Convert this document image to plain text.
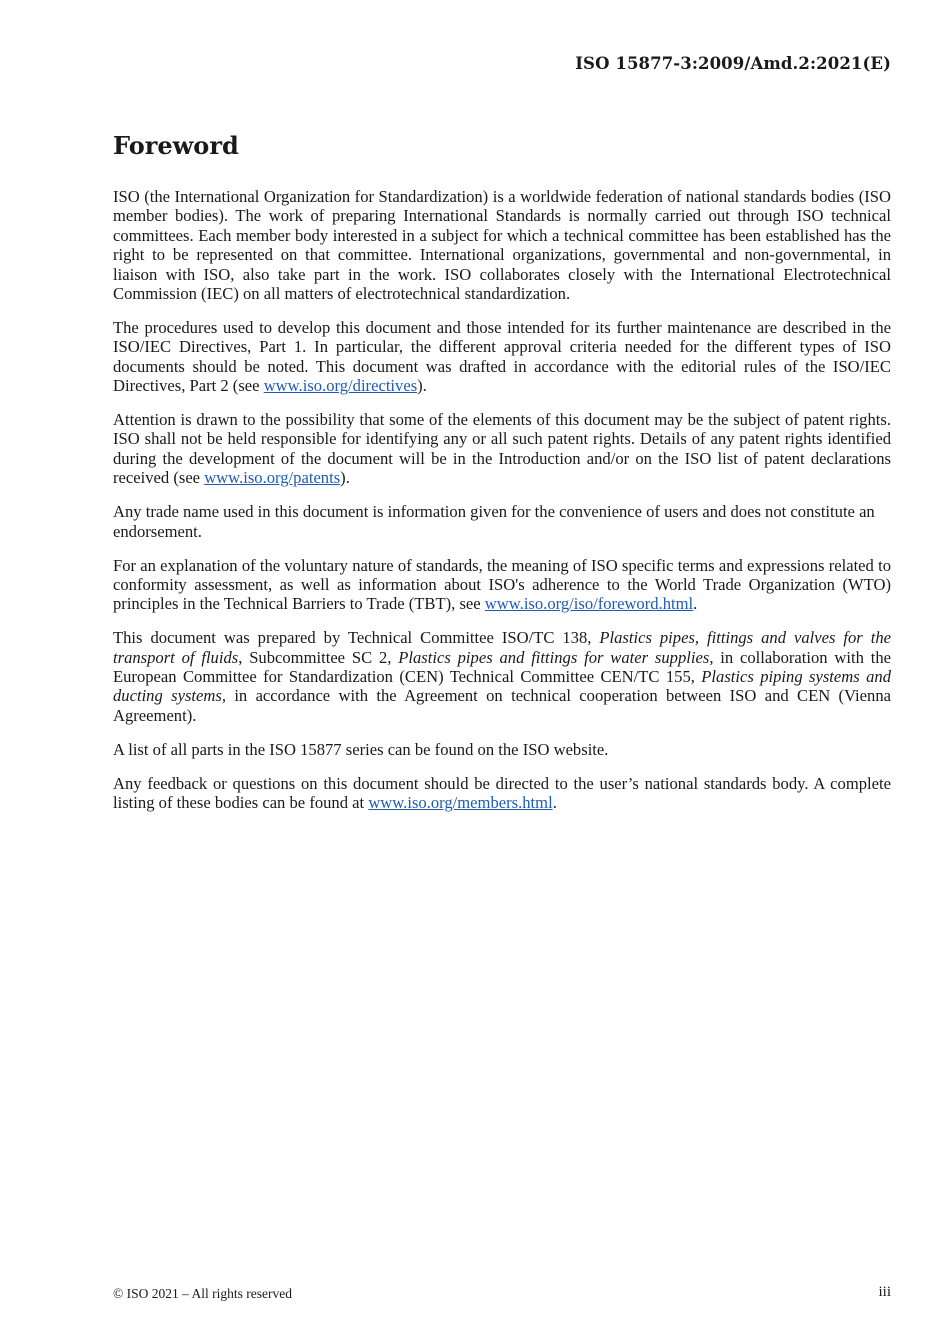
ISO 15877-3:2009/Amd.2:2021(E)
Foreword

ISO (the International Organization for Standardization) is a worldwide federation of national standards bodies (ISO member bodies). The work of preparing International Standards is normally carried out through ISO technical committees. Each member body interested in a subject for which a technical committee has been established has the right to be represented on that committee. International organizations, governmental and non-governmental, in liaison with ISO, also take part in the work. ISO collaborates closely with the International Electrotechnical Commission (IEC) on all matters of electrotechnical standardization.

The procedures used to develop this document and those intended for its further maintenance are described in the ISO/IEC Directives, Part 1. In particular, the different approval criteria needed for the different types of ISO documents should be noted. This document was drafted in accordance with the editorial rules of the ISO/IEC Directives, Part 2 (see www.iso.org/directives).

Attention is drawn to the possibility that some of the elements of this document may be the subject of patent rights. ISO shall not be held responsible for identifying any or all such patent rights. Details of any patent rights identified during the development of the document will be in the Introduction and/or on the ISO list of patent declarations received (see www.iso.org/patents).

Any trade name used in this document is information given for the convenience of users and does not constitute an endorsement.

For an explanation of the voluntary nature of standards, the meaning of ISO specific terms and expressions related to conformity assessment, as well as information about ISO's adherence to the World Trade Organization (WTO) principles in the Technical Barriers to Trade (TBT), see www.iso.org/iso/foreword.html.

This document was prepared by Technical Committee ISO/TC 138, Plastics pipes, fittings and valves for the transport of fluids, Subcommittee SC 2, Plastics pipes and fittings for water supplies, in collaboration with the European Committee for Standardization (CEN) Technical Committee CEN/TC 155, Plastics piping systems and ducting systems, in accordance with the Agreement on technical cooperation between ISO and CEN (Vienna Agreement).

A list of all parts in the ISO 15877 series can be found on the ISO website.

Any feedback or questions on this document should be directed to the user’s national standards body. A complete listing of these bodies can be found at www.iso.org/members.html.

© ISO 2021 – All rights reserved	iii
